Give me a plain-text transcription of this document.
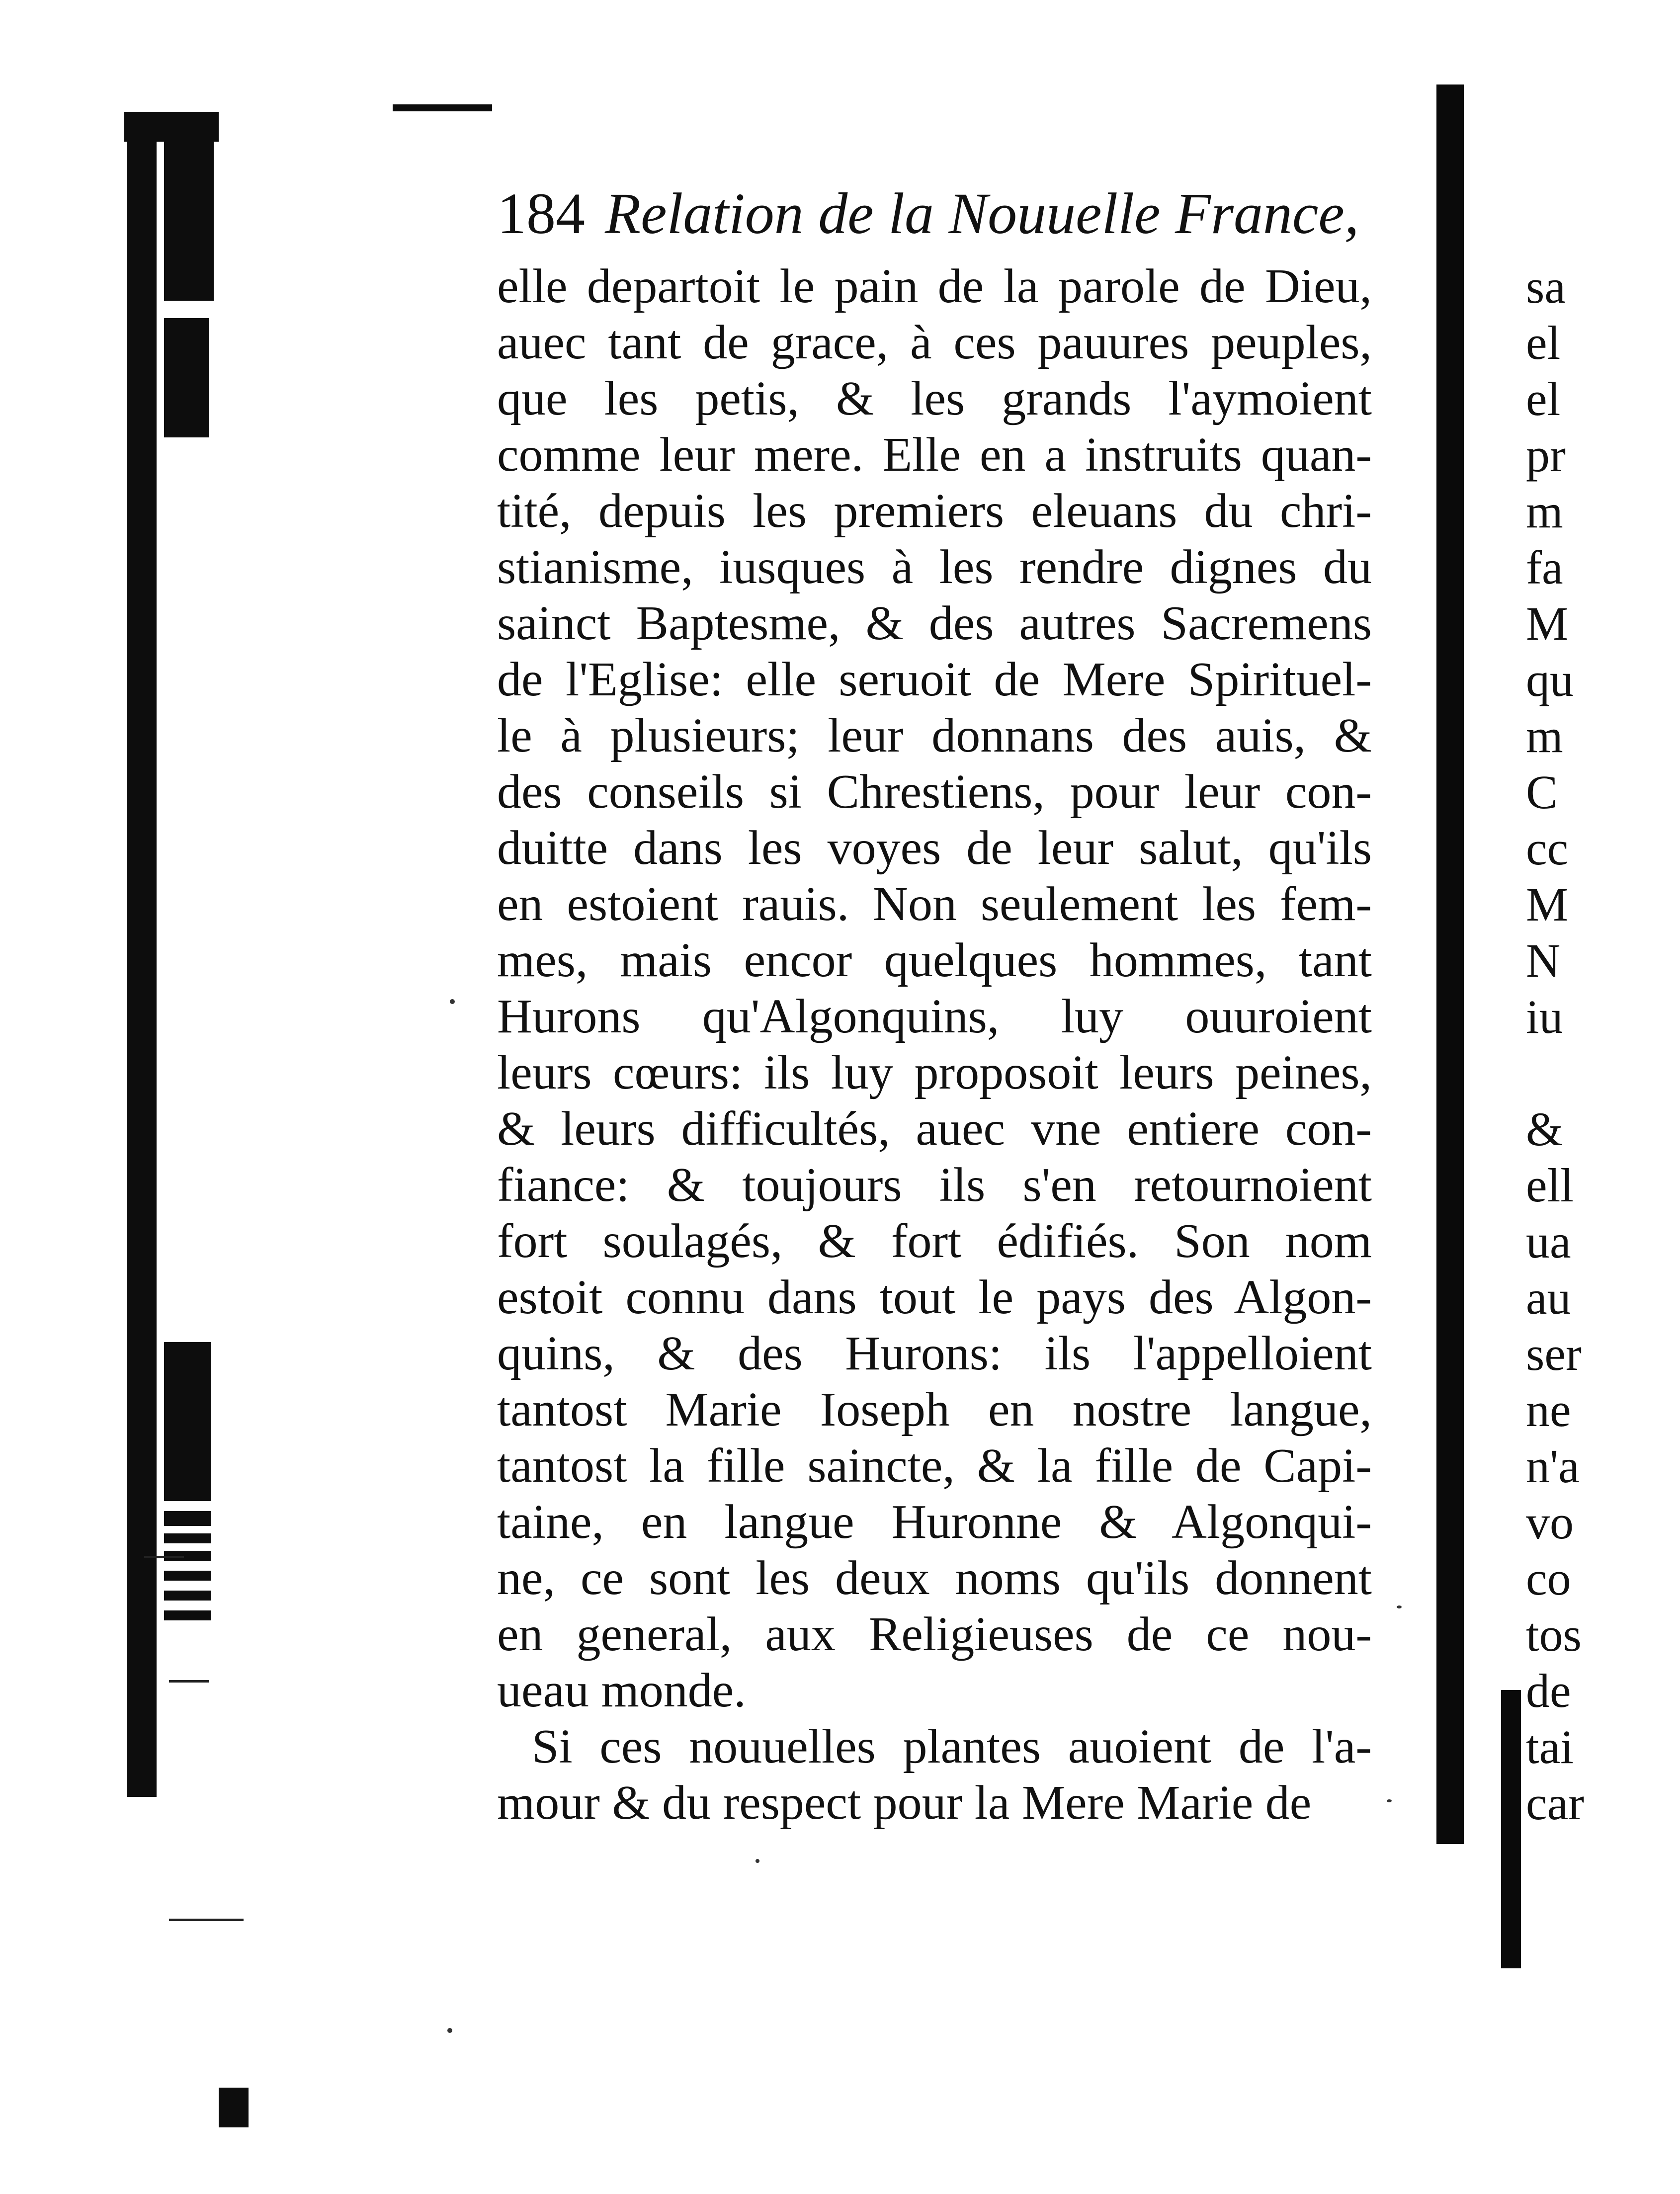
184 Relation de la Nouuelle France,
elle departoit le pain de la parole de Dieu,
auec tant de grace, à ces pauures peuples,
que les petis, & les grands l'aymoient
comme leur mere. Elle en a instruits quan-
tité, depuis les premiers eleuans du chri-
stianisme, iusques à les rendre dignes du
sainct Baptesme, & des autres Sacremens
de l'Eglise: elle seruoit de Mere Spirituel-
le à plusieurs; leur donnans des auis, &
des conseils si Chrestiens, pour leur con-
duitte dans les voyes de leur salut, qu'ils
en estoient rauis. Non seulement les fem-
mes, mais encor quelques hommes, tant
Hurons qu'Algonquins, luy ouuroient
leurs cœurs: ils luy proposoit leurs peines,
& leurs difficultés, auec vne entiere con-
fiance: & toujours ils s'en retournoient
fort soulagés, & fort édifiés. Son nom
estoit connu dans tout le pays des Algon-
quins, & des Hurons: ils l'appelloient
tantost Marie Ioseph en nostre langue,
tantost la fille saincte, & la fille de Capi-
taine, en langue Huronne & Algonqui-
ne, ce sont les deux noms qu'ils donnent
en general, aux Religieuses de ce nou-
ueau monde.
Si ces nouuelles plantes auoient de l'a-
mour & du respect pour la Mere Marie de
sa
el
el
pr
m
fa
M
qu
m
C
cc
M
N
iu
&
ell
ua
au
ser
ne
n'a
vo
co
tos
de
tai
car
